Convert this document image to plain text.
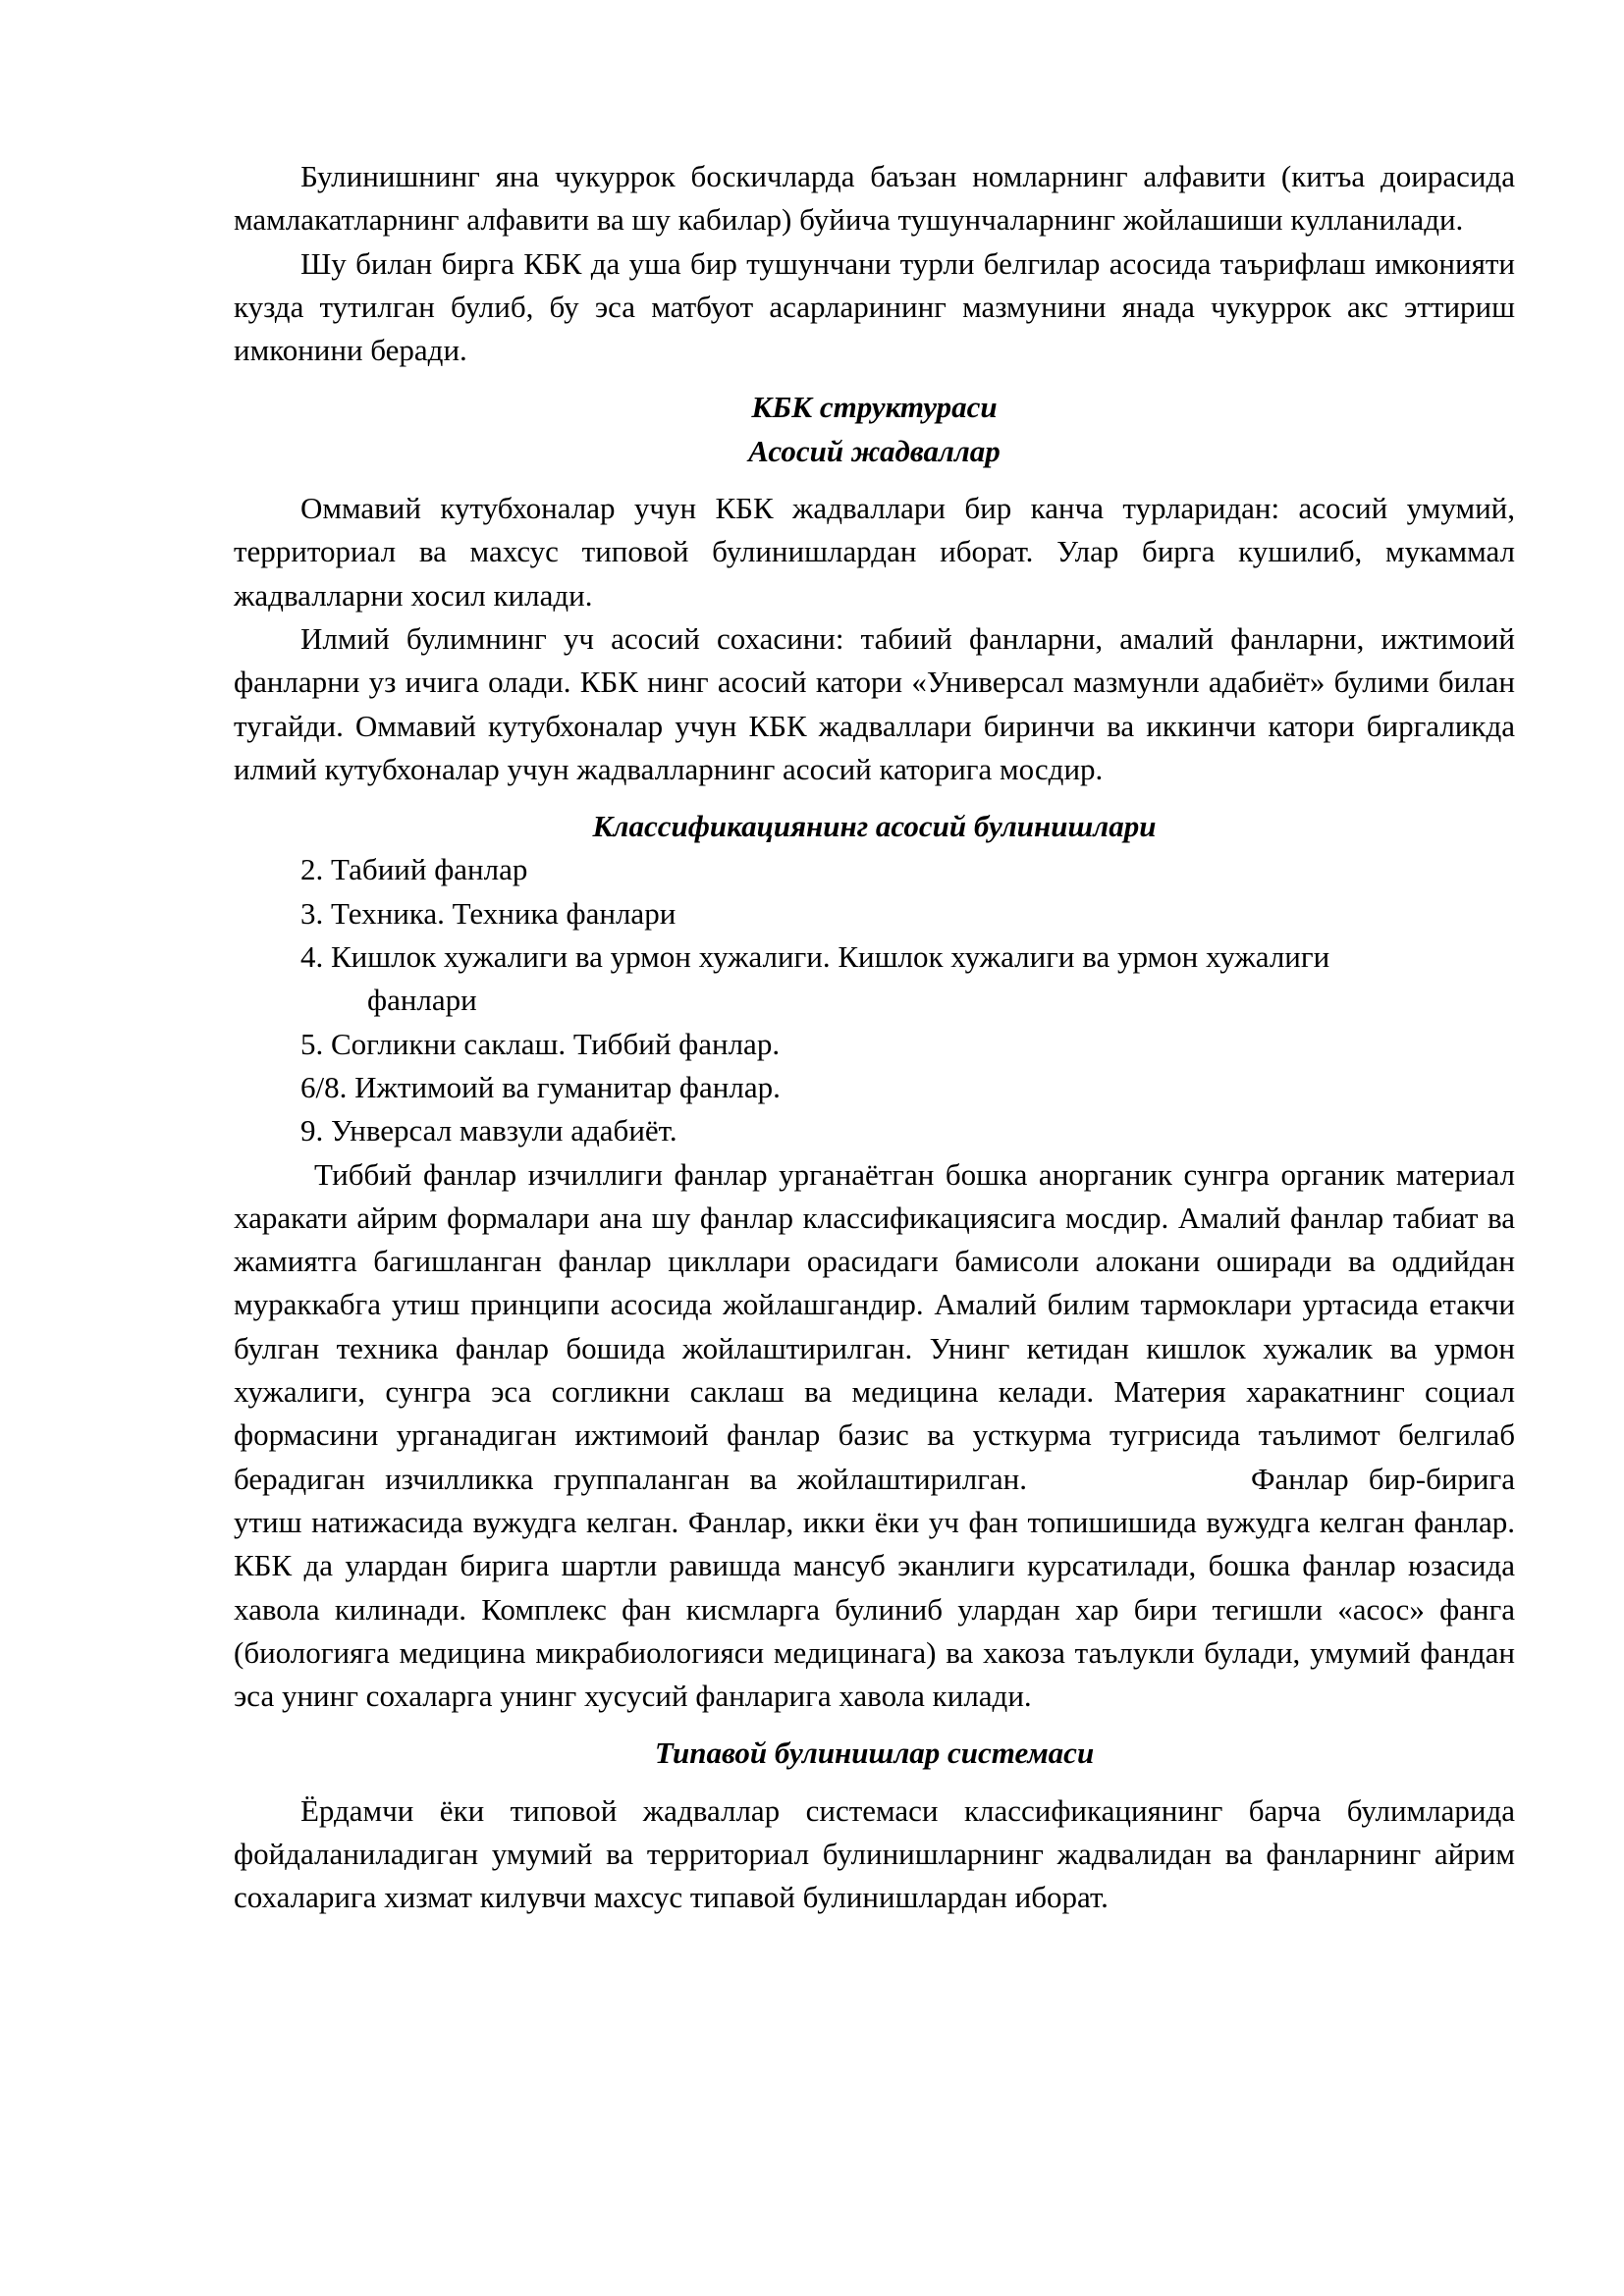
Булинишнинг яна чукуррок боскичларда баъзан номларнинг алфавити (китъа доирасида мамлакатларнинг алфавити ва шу кабилар) буйича тушунчаларнинг жойлашиши кулланилади.

Шу билан бирга КБК да уша бир тушунчани турли белгилар асосида таърифлаш имконияти кузда тутилган булиб, бу эса матбуот асарларининг мазмунини янада чукуррок акс эттириш имконини беради.

КБК структураси

Асосий жадваллар

Оммавий кутубхоналар учун КБК жадваллари бир канча турларидан: асосий умумий, территориал ва махсус типовой булинишлардан иборат. Улар бирга кушилиб, мукаммал жадвалларни хосил килади.

Илмий булимнинг уч асосий сохасини: табиий фанларни, амалий фанларни, ижтимоий фанларни уз ичига олади. КБК нинг асосий катори «Универсал мазмунли адабиёт» булими билан тугайди. Оммавий кутубхоналар учун КБК жадваллари биринчи ва иккинчи катори биргаликда илмий кутубхоналар учун жадвалларнинг асосий каторига мосдир.

Классификациянинг асосий булинишлари

2. Табиий фанлар
3. Техника. Техника фанлари
4. Кишлок хужалиги ва урмон хужалиги. Кишлок хужалиги ва урмон хужалиги
фанлари
5. Согликни саклаш. Тиббий фанлар.
6/8. Ижтимоий ва гуманитар фанлар.
9. Унверсал мавзули адабиёт.

Тиббий фанлар изчиллиги фанлар урганаётган бошка анорганик сунгра органик материал харакати айрим формалари ана шу фанлар классификациясига мосдир. Амалий фанлар табиат ва жамиятга багишланган фанлар цикллари орасидаги бамисоли алокани оширади ва оддийдан мураккабга утиш принципи асосида жойлашгандир. Амалий билим тармоклари уртасида етакчи булган техника фанлар бошида жойлаштирилган. Унинг кетидан кишлок хужалик ва урмон хужалиги, сунгра эса согликни саклаш ва медицина келади. Материя харакатнинг социал формасини урганадиган ижтимоий фанлар базис ва усткурма тугрисида таълимот белгилаб берадиган изчилликка группаланган ва жойлаштирилган.	Фанлар бир-бирига утиш натижасида вужудга келган. Фанлар, икки ёки уч фан топишишида вужудга келган фанлар. КБК да улардан бирига шартли равишда мансуб эканлиги курсатилади, бошка фанлар юзасида хавола килинади. Комплекс фан кисмларга булиниб улардан хар бири тегишли «асос» фанга (биологияга медицина микрабиологияси медицинага) ва хакоза таълукли булади, умумий фандан эса унинг сохаларга унинг хусусий фанларига хавола килади.

Типавой булинишлар системаси

Ёрдамчи ёки типовой жадваллар системаси классификациянинг барча булимларида фойдаланиладиган умумий ва территориал булинишларнинг жадвалидан ва фанларнинг айрим сохаларига хизмат килувчи махсус типавой булинишлардан иборат.
